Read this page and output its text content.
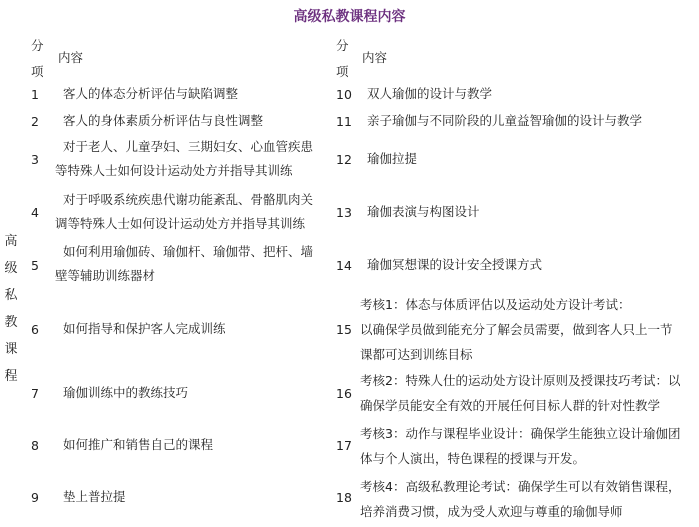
高级私教课程内容
高
级
私
教
课
程
分
项
内容
分
项
内容
1 客人的体态分析评估与缺陷调整
2 客人的身体素质分析评估与良性调整
3
对于老人、儿童孕妇、三期妇女、心血管疾患
等特殊人士如何设计运动处方并指导其训练
4
对于呼吸系统疾患代谢功能紊乱、骨骼肌肉关
调等特殊人士如何设计运动处方并指导其训练
5
如何利用瑜伽砖、瑜伽杆、瑜伽带、把杆、墙
壁等辅助训练器材
6 如何指导和保护客人完成训练
7 瑜伽训练中的教练技巧
8 如何推广和销售自己的课程
9 垫上普拉提
10 双人瑜伽的设计与教学
11 亲子瑜伽与不同阶段的儿童益智瑜伽的设计与教学
12 瑜伽拉提
13 瑜伽表演与构图设计
14 瑜伽冥想课的设计安全授课方式
15
考核1：体态与体质评估以及运动处方设计考试：
以确保学员做到能充分了解会员需要，做到客人只上一节
课都可达到训练目标
16
考核2：特殊人仕的运动处方设计原则及授课技巧考试：以
确保学员能安全有效的开展任何目标人群的针对性教学
17
考核3：动作与课程毕业设计：确保学生能独立设计瑜伽团
体与个人演出，特色课程的授课与开发。
18
考核4：高级私教理论考试：确保学生可以有效销售课程，
培养消费习惯，成为受人欢迎与尊重的瑜伽导师
